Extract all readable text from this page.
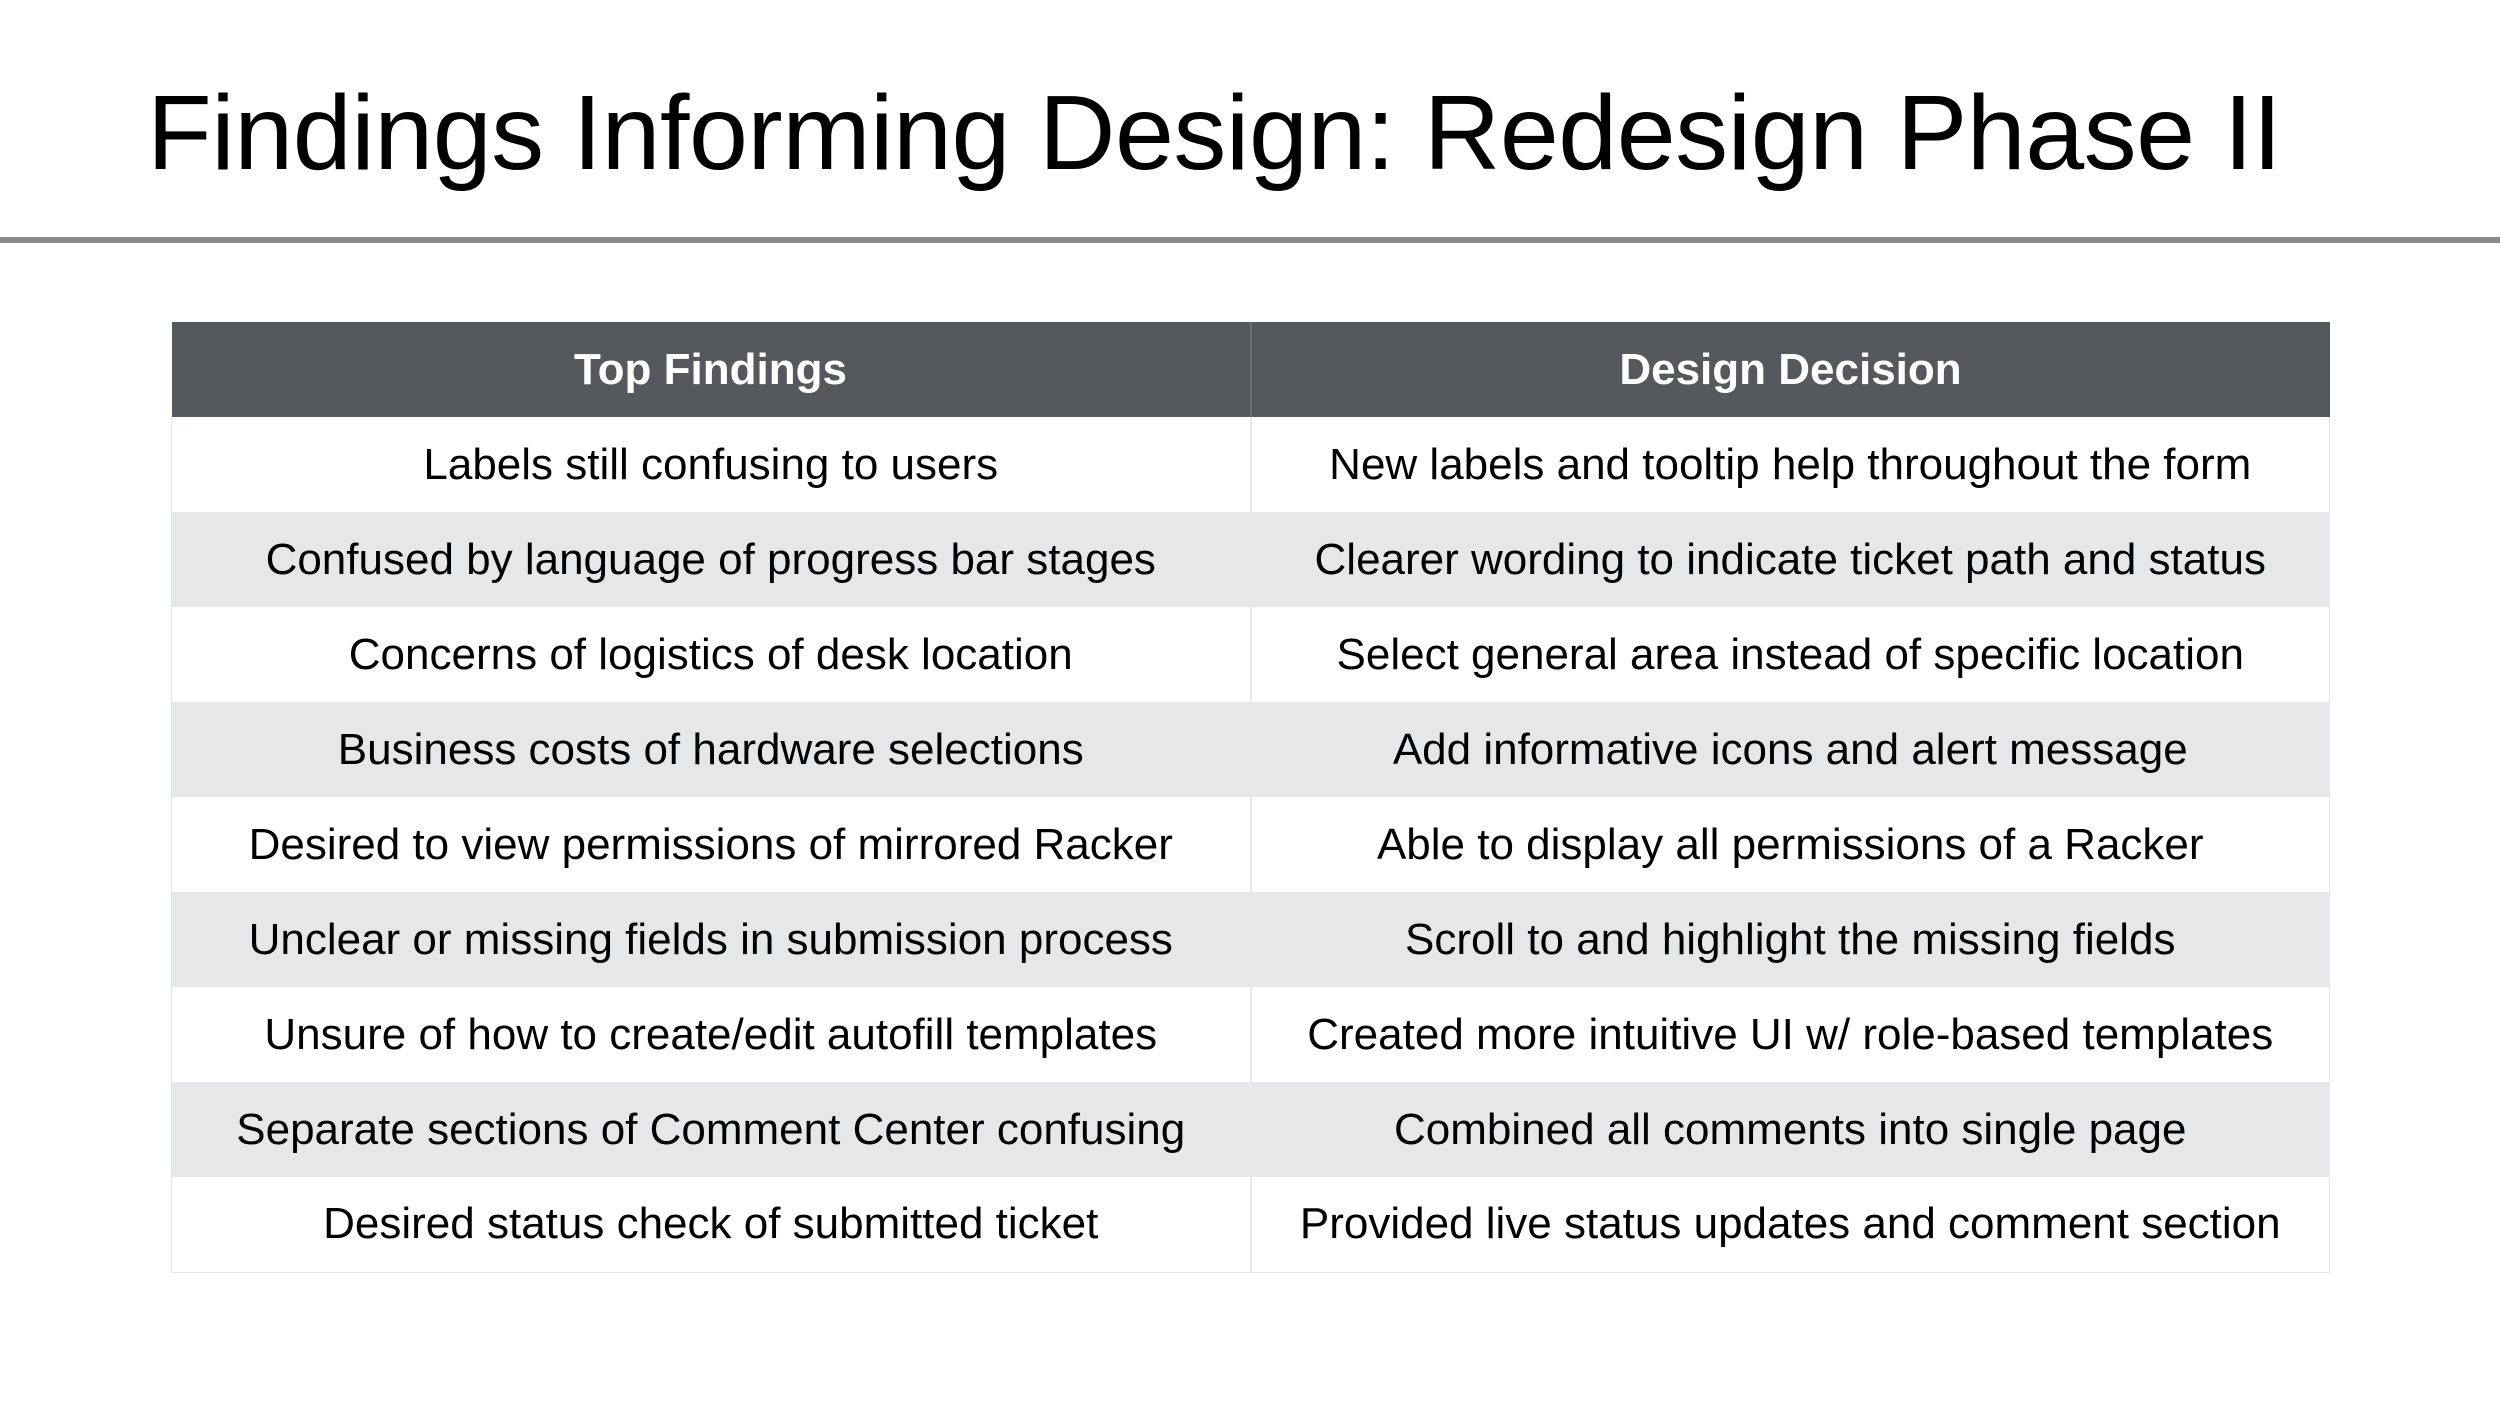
Findings Informing Design: Redesign Phase II
Top Findings	Design Decision
Labels still confusing to users	New labels and tooltip help throughout the form
Confused by language of progress bar stages	Clearer wording to indicate ticket path and status
Concerns of logistics of desk location	Select general area instead of specific location
Business costs of hardware selections	Add informative icons and alert message
Desired to view permissions of mirrored Racker	Able to display all permissions of a Racker
Unclear or missing fields in submission process	Scroll to and highlight the missing fields
Unsure of how to create/edit autofill templates	Created more intuitive UI w/ role-based templates
Separate sections of Comment Center confusing	Combined all comments into single page
Desired status check of submitted ticket	Provided live status updates and comment section
